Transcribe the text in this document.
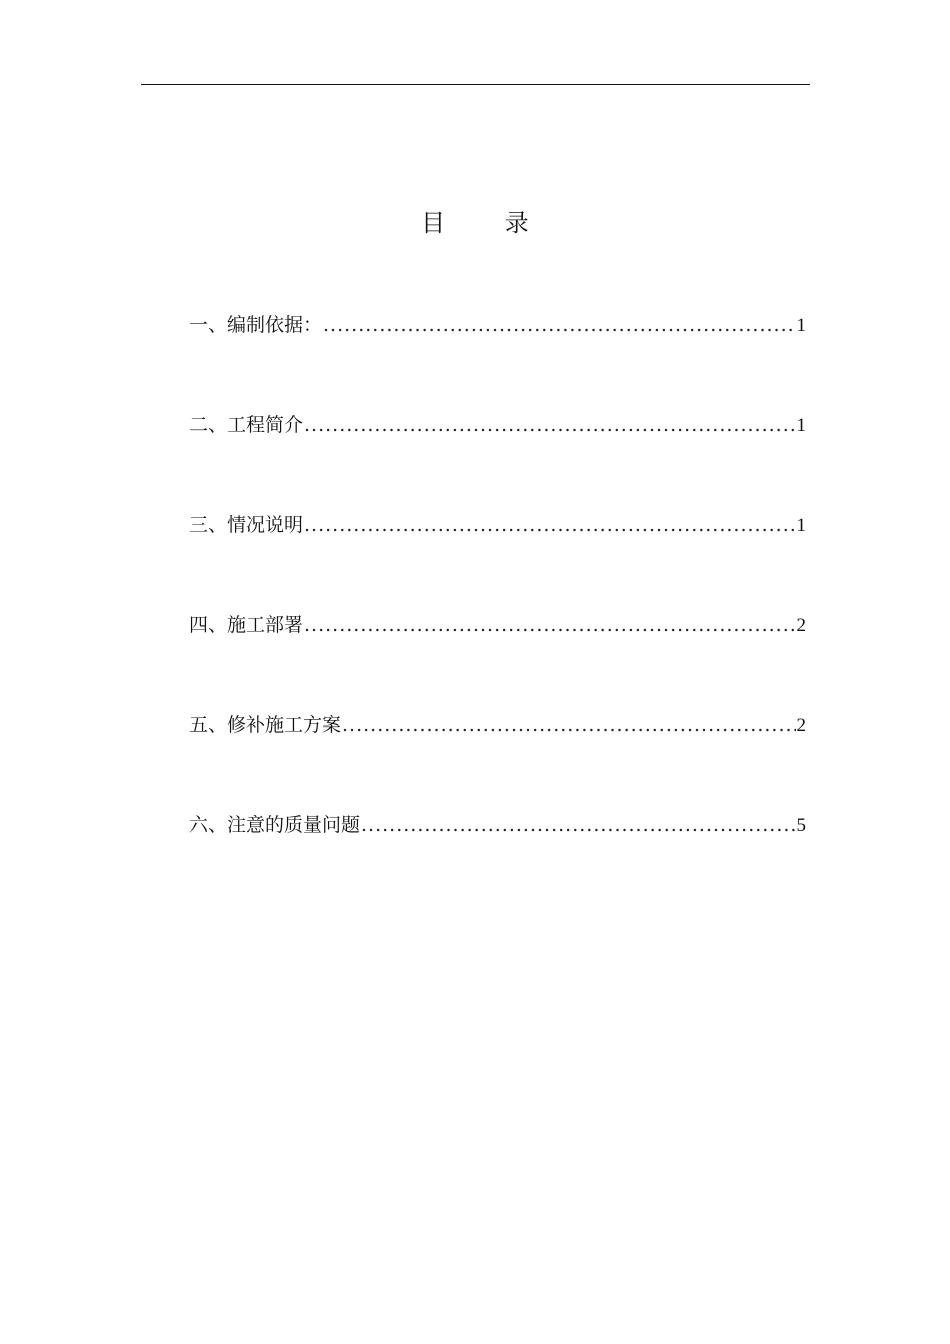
目 录
一、编制依据： .....	1
二、工程简介 .....	1
三、情况说明 .....	1
四、施工部署 .....	2
五、修补施工方案 .....	2
六、注意的质量问题 .....	5
